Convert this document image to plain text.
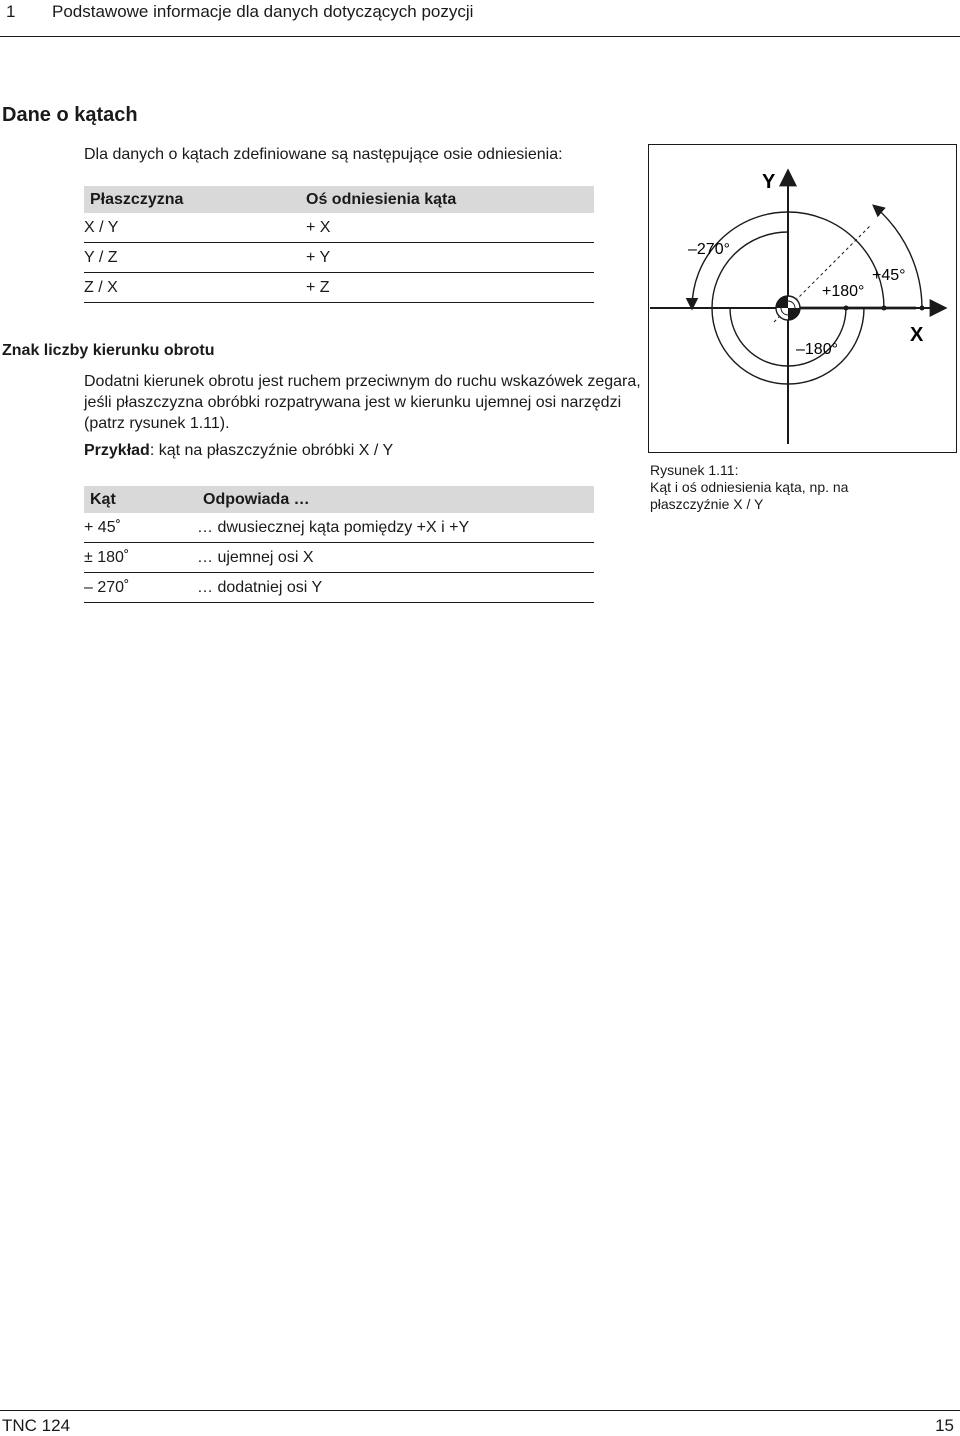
1 Podstawowe informacje dla danych dotyczących pozycji
Dane o kątach
Dla danych o kątach zdefiniowane są następujące osie odniesienia:
Płaszczyzna	Oś odniesienia kąta
X / Y	+ X
Y / Z	+ Y
Z / X	+ Z
Znak liczby kierunku obrotu
Dodatni kierunek obrotu jest ruchem przeciwnym do ruchu wskazówek zegara, jeśli płaszczyzna obróbki rozpatrywana jest w kierunku ujemnej osi narzędzi (patrz rysunek 1.11).
Przykład: kąt na płaszczyźnie obróbki X / Y
Kąt	Odpowiada …
+ 45˚	… dwusiecznej kąta pomiędzy +X i +Y
± 180˚	… ujemnej osi X
– 270˚	… dodatniej osi Y
Y
X
–270°
+45°
+180°
–180°
Rysunek 1.11:
Kąt i oś odniesienia kąta, np. na płaszczyźnie X / Y
TNC 124	15
